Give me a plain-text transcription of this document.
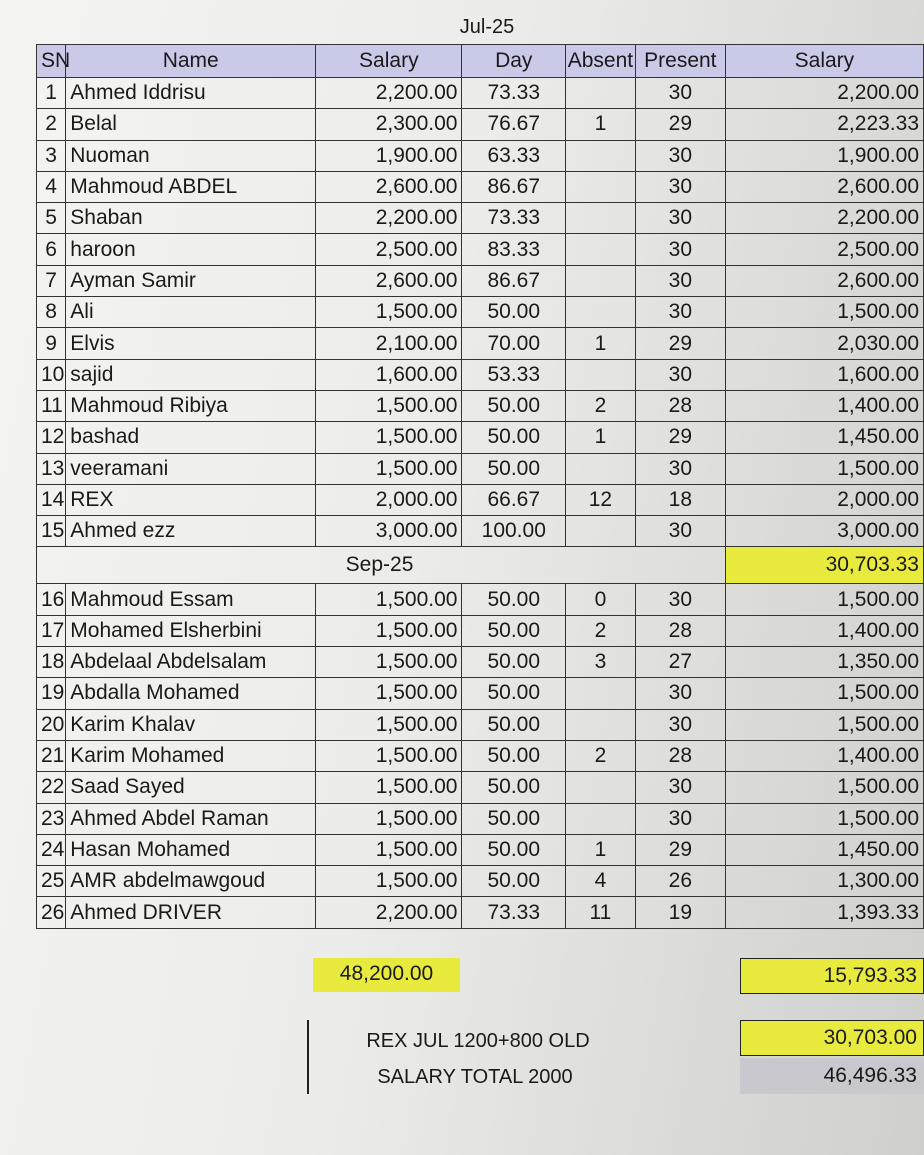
Jul-25
SN	Name	Salary	Day	Absent	Present	Salary
1	Ahmed Iddrisu	2,200.00	73.33		30	2,200.00
2	Belal	2,300.00	76.67	1	29	2,223.33
3	Nuoman	1,900.00	63.33		30	1,900.00
4	Mahmoud ABDEL	2,600.00	86.67		30	2,600.00
5	Shaban	2,200.00	73.33		30	2,200.00
6	haroon	2,500.00	83.33		30	2,500.00
7	Ayman Samir	2,600.00	86.67		30	2,600.00
8	Ali	1,500.00	50.00		30	1,500.00
9	Elvis	2,100.00	70.00	1	29	2,030.00
10	sajid	1,600.00	53.33		30	1,600.00
11	Mahmoud Ribiya	1,500.00	50.00	2	28	1,400.00
12	bashad	1,500.00	50.00	1	29	1,450.00
13	veeramani	1,500.00	50.00		30	1,500.00
14	REX	2,000.00	66.67	12	18	2,000.00
15	Ahmed ezz	3,000.00	100.00		30	3,000.00
		Sep-25				30,703.33
16	Mahmoud Essam	1,500.00	50.00	0	30	1,500.00
17	Mohamed Elsherbini	1,500.00	50.00	2	28	1,400.00
18	Abdelaal Abdelsalam	1,500.00	50.00	3	27	1,350.00
19	Abdalla Mohamed	1,500.00	50.00		30	1,500.00
20	Karim Khalav	1,500.00	50.00		30	1,500.00
21	Karim Mohamed	1,500.00	50.00	2	28	1,400.00
22	Saad Sayed	1,500.00	50.00		30	1,500.00
23	Ahmed Abdel Raman	1,500.00	50.00		30	1,500.00
24	Hasan Mohamed	1,500.00	50.00	1	29	1,450.00
25	AMR abdelmawgoud	1,500.00	50.00	4	26	1,300.00
26	Ahmed DRIVER	2,200.00	73.33	11	19	1,393.33
48,200.00	15,793.33
REX JUL 1200+800 OLD
SALARY TOTAL 2000
30,703.00
46,496.33
